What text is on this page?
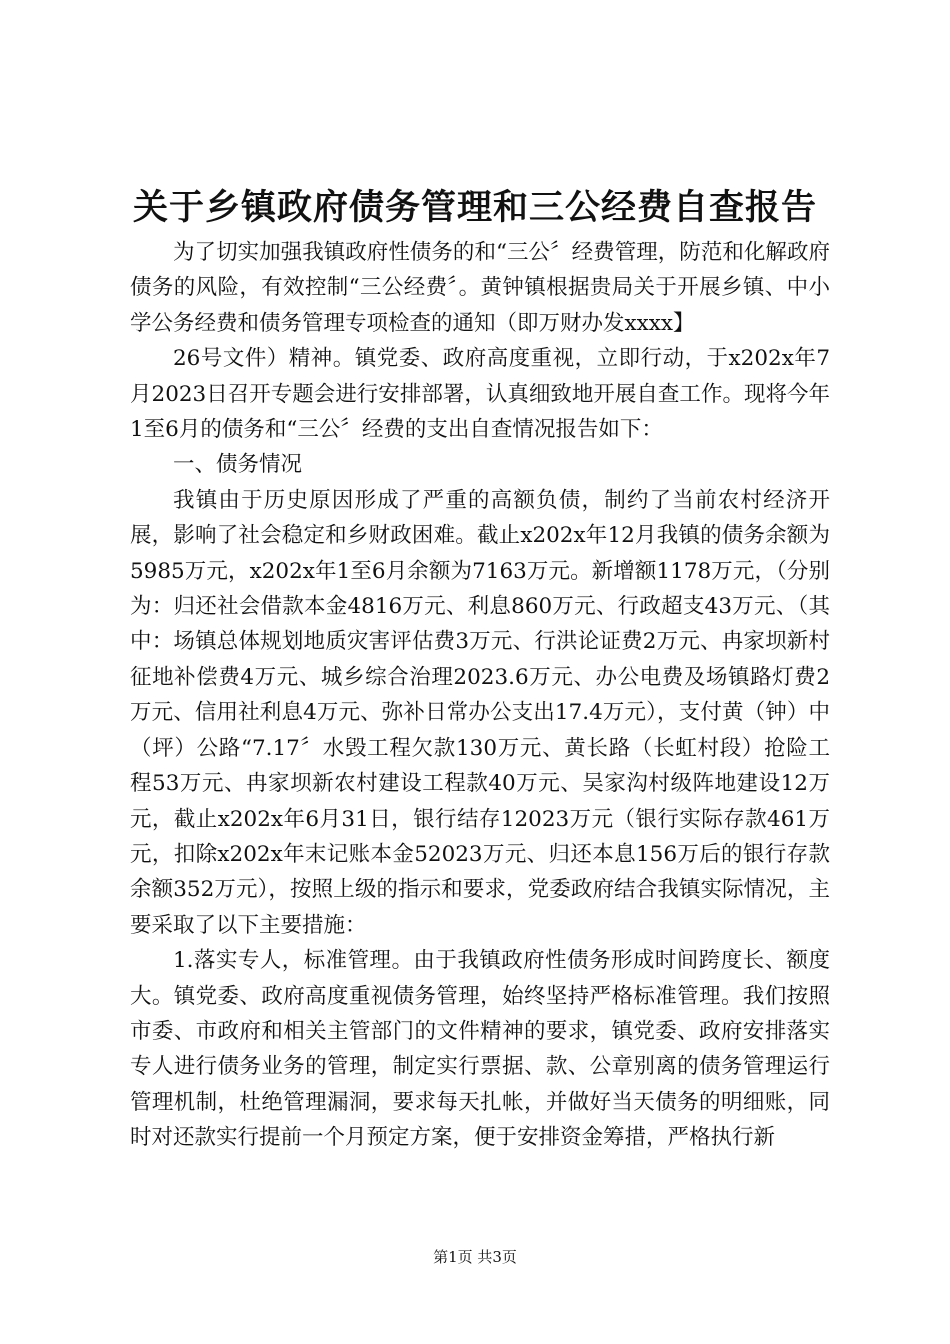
关于乡镇政府债务管理和三公经费自查报告

为了切实加强我镇政府性债务的和“三公〞经费管理，防范和化解政府债务的风险，有效控制“三公经费〞。黄钟镇根据贵局关于开展乡镇、中小学公务经费和债务管理专项检查的通知（即万财办发xxxx】

26号文件）精神。镇党委、政府高度重视，立即行动，于x202x年7月2023日召开专题会进行安排部署，认真细致地开展自查工作。现将今年1至6月的债务和“三公〞经费的支出自查情况报告如下：

一、债务情况

我镇由于历史原因形成了严重的高额负债，制约了当前农村经济开展，影响了社会稳定和乡财政困难。截止x202x年12月我镇的债务余额为5985万元，x202x年1至6月余额为7163万元。新增额1178万元，（分别为：归还社会借款本金4816万元、利息860万元、行政超支43万元、（其中：场镇总体规划地质灾害评估费3万元、行洪论证费2万元、冉家坝新村征地补偿费4万元、城乡综合治理2023.6万元、办公电费及场镇路灯费2万元、信用社利息4万元、弥补日常办公支出17.4万元），支付黄（钟）中（坪）公路“7.17〞水毁工程欠款130万元、黄长路（长虹村段）抢险工程53万元、冉家坝新农村建设工程款40万元、吴家沟村级阵地建设12万元，截止x202x年6月31日，银行结存12023万元（银行实际存款461万元，扣除x202x年末记账本金52023万元、归还本息156万后的银行存款余额352万元），按照上级的指示和要求，党委政府结合我镇实际情况，主要采取了以下主要措施：

1.落实专人，标准管理。由于我镇政府性债务形成时间跨度长、额度大。镇党委、政府高度重视债务管理，始终坚持严格标准管理。我们按照市委、市政府和相关主管部门的文件精神的要求，镇党委、政府安排落实专人进行债务业务的管理，制定实行票据、款、公章别离的债务管理运行管理机制，杜绝管理漏洞，要求每天扎帐，并做好当天债务的明细账，同时对还款实行提前一个月预定方案，便于安排资金筹措，严格执行新

第1页 共3页
